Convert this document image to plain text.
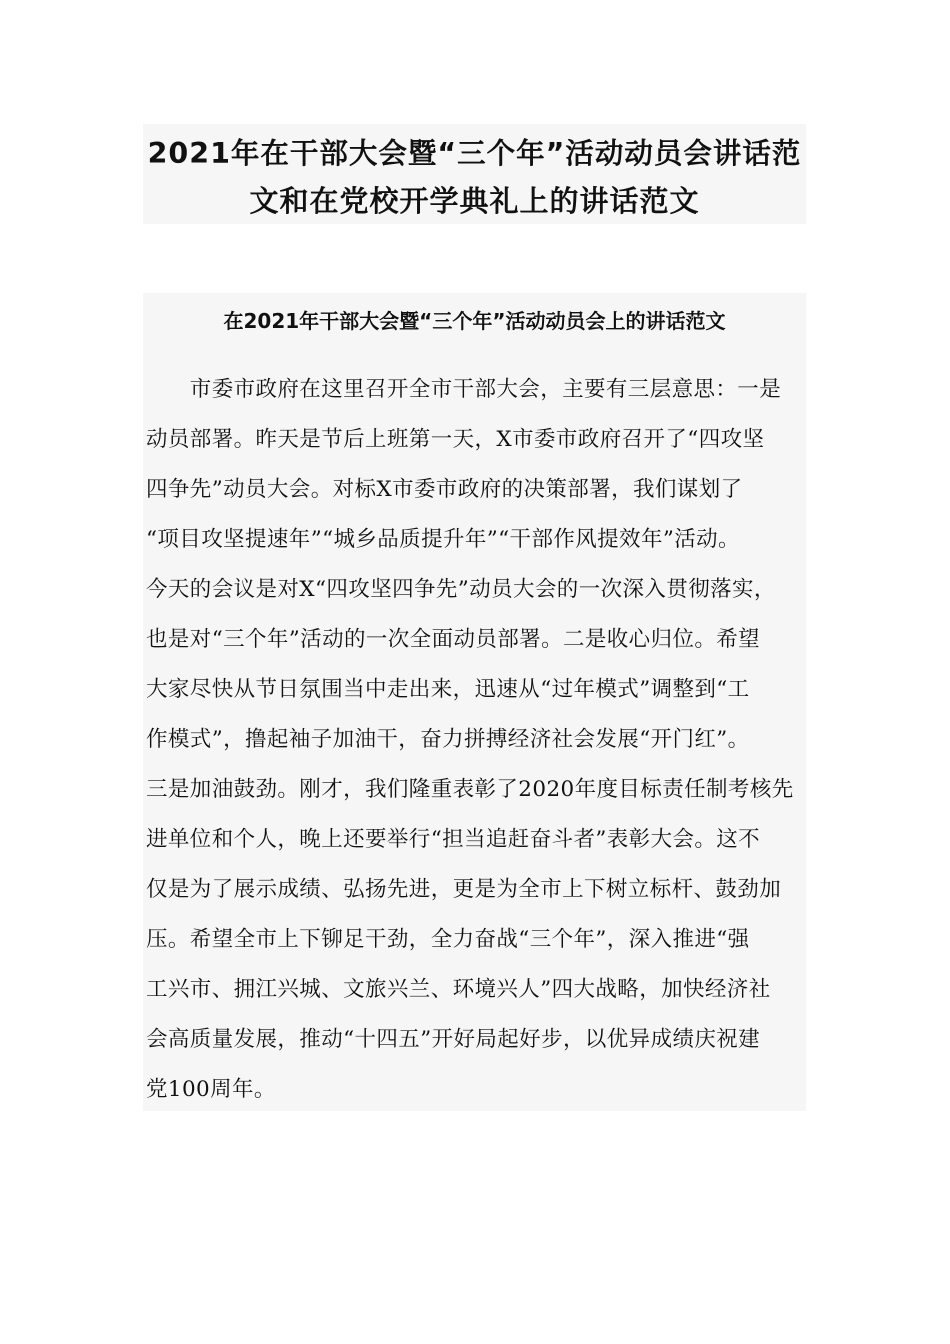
2021年在干部大会暨“三个年”活动动员会讲话范
文和在党校开学典礼上的讲话范文
在2021年干部大会暨“三个年”活动动员会上的讲话范文
　　市委市政府在这里召开全市干部大会，主要有三层意思：一是
动员部署。昨天是节后上班第一天，X市委市政府召开了“四攻坚
四争先”动员大会。对标X市委市政府的决策部署，我们谋划了
“项目攻坚提速年”“城乡品质提升年”“干部作风提效年”活动。
今天的会议是对X“四攻坚四争先”动员大会的一次深入贯彻落实，
也是对“三个年”活动的一次全面动员部署。二是收心归位。希望
大家尽快从节日氛围当中走出来，迅速从“过年模式”调整到“工
作模式”，撸起袖子加油干，奋力拼搏经济社会发展“开门红”。
三是加油鼓劲。刚才，我们隆重表彰了2020年度目标责任制考核先
进单位和个人，晚上还要举行“担当追赶奋斗者”表彰大会。这不
仅是为了展示成绩、弘扬先进，更是为全市上下树立标杆、鼓劲加
压。希望全市上下铆足干劲，全力奋战“三个年”，深入推进“强
工兴市、拥江兴城、文旅兴兰、环境兴人”四大战略，加快经济社
会高质量发展，推动“十四五”开好局起好步，以优异成绩庆祝建
党100周年。
